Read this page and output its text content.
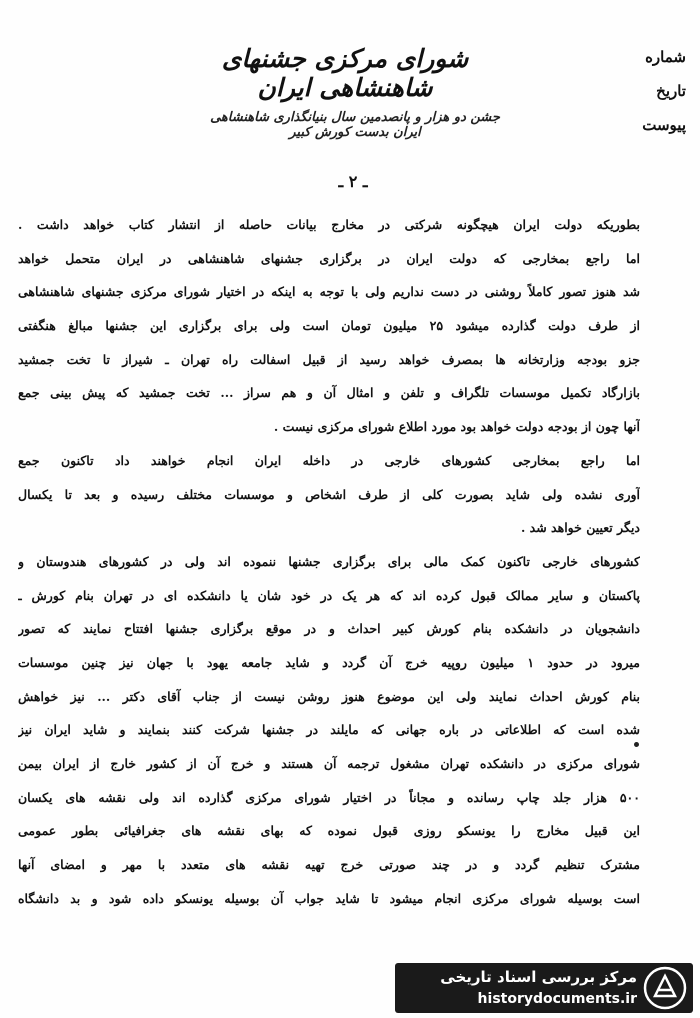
شماره
تاریخ
پیوست
شورای مرکزی جشنهای شاهنشاهی ایران
جشن دو هزار و پانصدمین سال بنیانگذاری شاهنشاهی ایران بدست کورش کبیر
ـ ۲ ـ
بطوریکه دولت ایران هیچگونه شرکتی در مخارج بیانات حاصله از انتشار کتاب خواهد داشت .
اما راجع بمخارجی که دولت ایران در برگزاری جشنهای شاهنشاهی در ایران متحمل خواهد
شد هنوز تصور کاملاً روشنی در دست نداریم ولی با توجه به اینکه در اختیار شورای مرکزی جشنهای شاهنشاهی
از طرف دولت گذارده میشود ۲۵ میلیون تومان است ولی برای برگزاری این جشنها مبالغ هنگفتی
جزو بودجه وزارتخانه ها بمصرف خواهد رسید از قبیل اسفالت راه تهران ـ شیراز تا تخت جمشید
بازارگاد تکمیل موسسات تلگراف و تلفن و امثال آن و هم سراز ... تخت جمشید که پیش بینی جمع
آنها چون از بودجه دولت خواهد بود مورد اطلاع شورای مرکزی نیست .
اما راجع بمخارجی کشورهای خارجی در داخله ایران انجام خواهند داد تاکنون جمع
آوری نشده ولی شاید بصورت کلی از طرف اشخاص و موسسات مختلف رسیده و بعد تا یکسال
دیگر تعیین خواهد شد .
کشورهای خارجی تاکنون کمک مالی برای برگزاری جشنها ننموده اند ولی در کشورهای هندوستان و
پاکستان و سایر ممالک قبول کرده اند که هر یک در خود شان یا دانشکده ای در تهران بنام کورش ـ
دانشجویان در دانشکده بنام کورش کبیر احداث و در موقع برگزاری جشنها افتتاح نمایند که تصور
میرود در حدود ۱ میلیون روپیه خرج آن گردد و شاید جامعه یهود با جهان نیز چنین موسسات
بنام کورش احداث نمایند ولی این موضوع هنوز روشن نیست از جناب آقای دکتر ... نیز خواهش
شده است که اطلاعاتی در باره جهانی که مایلند در جشنها شرکت کنند بنمایند و شاید ایران نیز
شورای مرکزی در دانشکده تهران مشغول ترجمه آن هستند و خرج آن از کشور خارج از ایران بیمن
۵۰۰ هزار جلد چاپ رسانده و مجاناً در اختیار شورای مرکزی گذارده اند ولی نقشه های یکسان
این قبیل مخارج را یونسکو روزی قبول نموده که بهای نقشه های جغرافیائی بطور عمومی
مشترک تنظیم گردد و در چند صورتی خرج تهیه نقشه های متعدد با مهر و امضای آنها
است بوسیله شورای مرکزی انجام میشود تا شاید جواب آن بوسیله یونسکو داده شود و بد دانشگاه
مرکز بررسی اسناد تاریخی
historydocuments.ir
